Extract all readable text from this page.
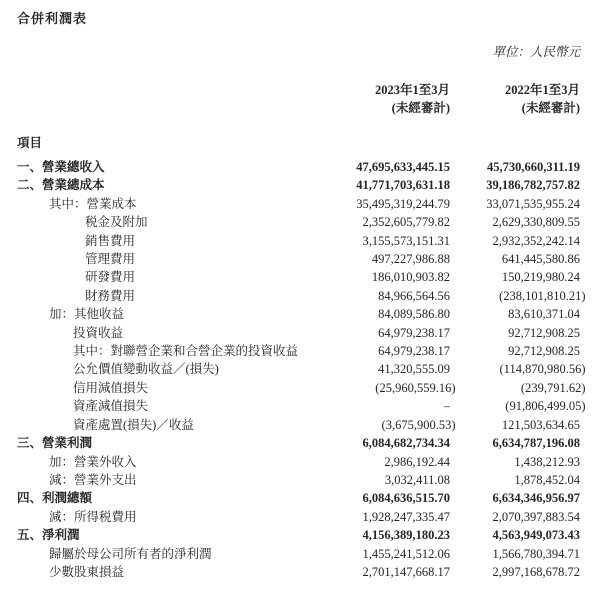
合併利潤表
單位：人民幣元
2023年1至3月
(未經審計)
2022年1至3月
(未經審計)
項目
一、營業總收入	47,695,633,445.15	45,730,660,311.19
二、營業總成本	41,771,703,631.18	39,186,782,757.82
其中：營業成本	35,495,319,244.79	33,071,535,955.24
税金及附加	2,352,605,779.82	2,629,330,809.55
銷售費用	3,155,573,151.31	2,932,352,242.14
管理費用	497,227,986.88	641,445,580.86
研發費用	186,010,903.82	150,219,980.24
財務費用	84,966,564.56	(238,101,810.21)
加：其他收益	84,089,586.80	83,610,371.04
投資收益	64,979,238.17	92,712,908.25
其中：對聯營企業和合營企業的投資收益	64,979,238.17	92,712,908.25
公允價值變動收益／(損失)	41,320,555.09	(114,870,980.56)
信用減值損失	(25,960,559.16)	(239,791.62)
資產減值損失	–	(91,806,499.05)
資產處置(損失)／收益	(3,675,900.53)	121,503,634.65
三、營業利潤	6,084,682,734.34	6,634,787,196.08
加：營業外收入	2,986,192.44	1,438,212.93
減：營業外支出	3,032,411.08	1,878,452.04
四、利潤總額	6,084,636,515.70	6,634,346,956.97
減：所得税費用	1,928,247,335.47	2,070,397,883.54
五、淨利潤	4,156,389,180.23	4,563,949,073.43
歸屬於母公司所有者的淨利潤	1,455,241,512.06	1,566,780,394.71
少數股東損益	2,701,147,668.17	2,997,168,678.72
